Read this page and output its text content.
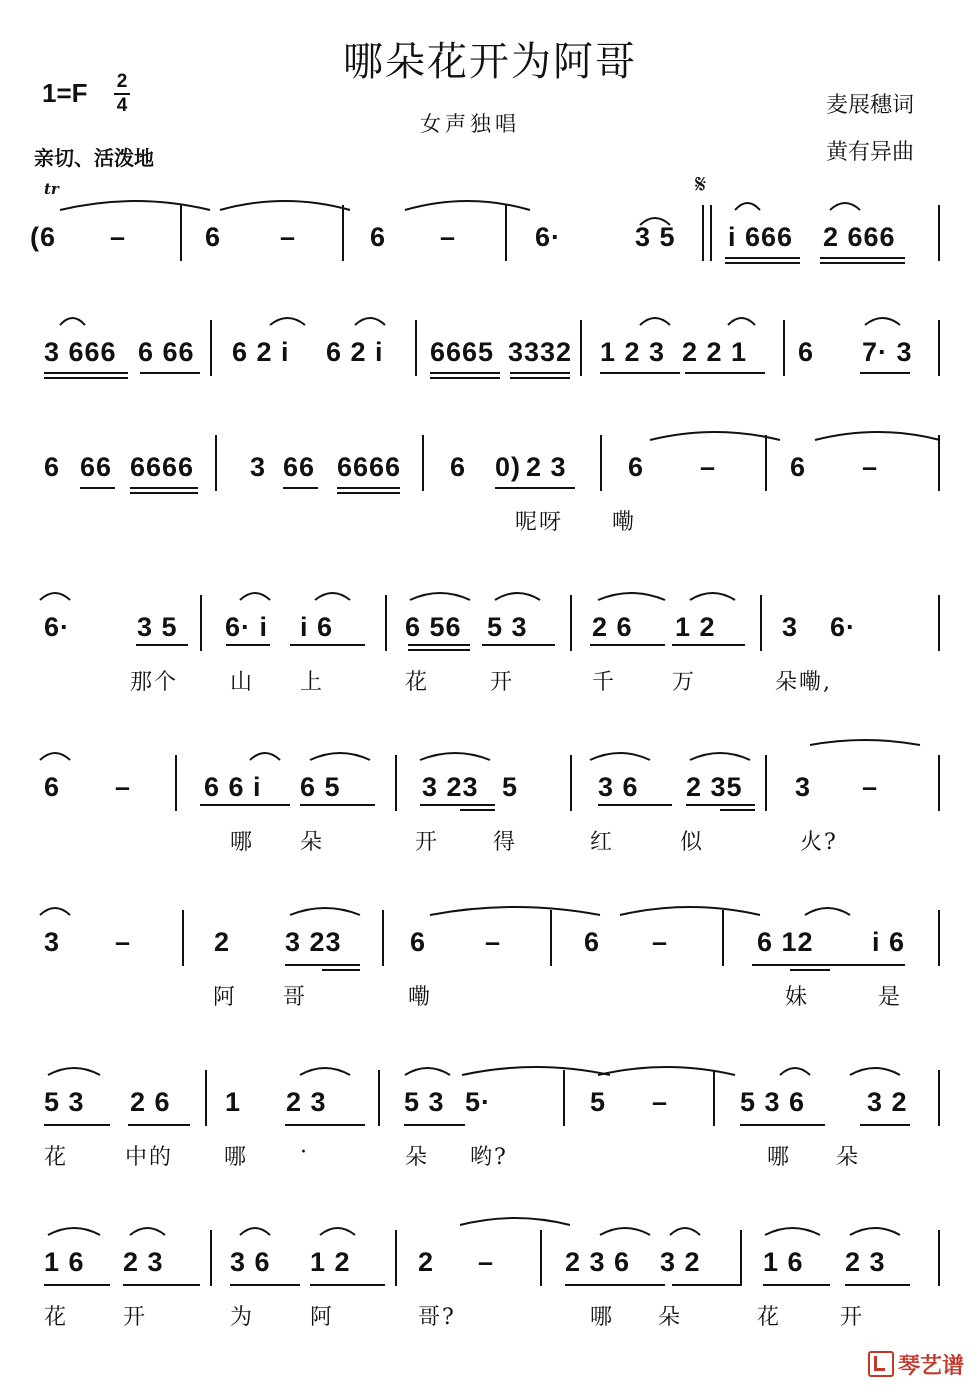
哪朵花开为阿哥
1=F 2
4
女声独唱
麦展穗词
黄有异曲
亲切、活泼地
tr	𝄋
(6 –	6 –	6 –	6·	3 5 i 666 2 666
3 666 6 66 6 2 i 6 2 i 6665 3332 1 2 3 2 2 1 6 7· 3
6 66 6666 3 66 6666 6 0) 2 3 6 –	6 –
呢呀 嘞
6· 3 5 6· i i 6	6 56 5 3 2 6 1 2 3 6·
那个 山 上	花	开	千	万	朵嘞,
6 –	6 6 i 6 5	3 23 5	3 6 2 35 3 –
哪 朵	开 得	红	似	火?
3 –	2 3 23	6 –	6 –	6 12 i 6
阿 哥	嘞	妹	是
5 3 2 6 1 2 3	5 3 5·	5 –	5 3 6 3 2
花	中的 哪 ·	朵 哟?	哪 朵
1 6 2 3 3 6 1 2 2 –	2 3 6 3 2 1 6 2 3
花 开	为	阿	哥?	哪 朵	花	开
琴艺谱
